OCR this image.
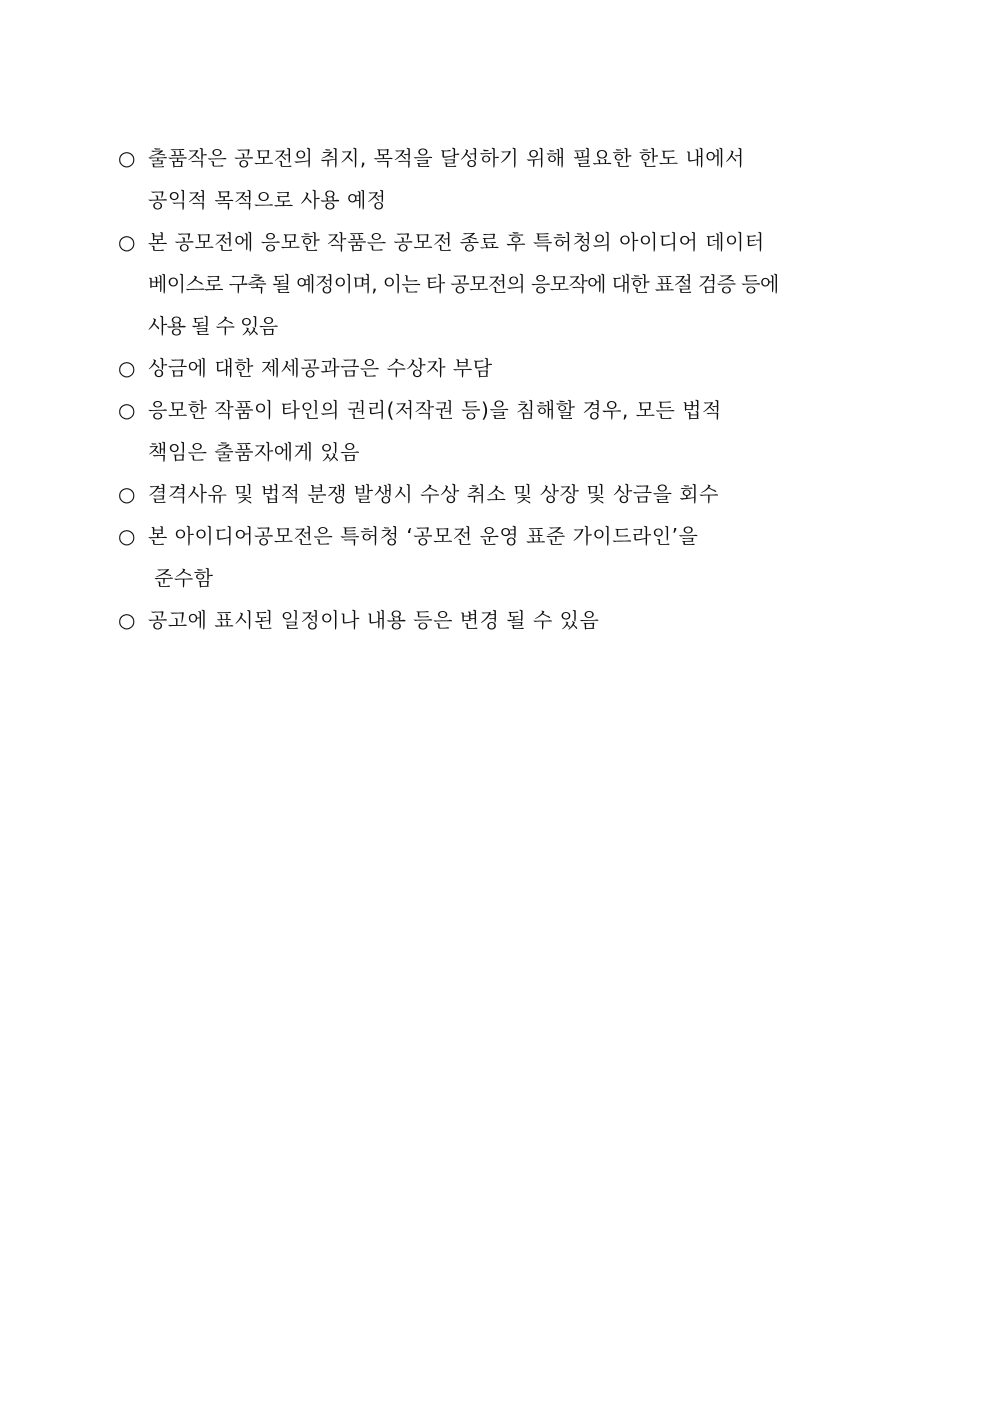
○ 출품작은 공모전의 취지, 목적을 달성하기 위해 필요한 한도 내에서
공익적 목적으로 사용 예정
○ 본 공모전에 응모한 작품은 공모전 종료 후 특허청의 아이디어 데이터
베이스로 구축 될 예정이며, 이는 타 공모전의 응모작에 대한 표절 검증 등에
사용 될 수 있음
○ 상금에 대한 제세공과금은 수상자 부담
○ 응모한 작품이 타인의 권리(저작권 등)을 침해할 경우, 모든 법적
책임은 출품자에게 있음
○ 결격사유 및 법적 분쟁 발생시 수상 취소 및 상장 및 상금을 회수
○ 본 아이디어공모전은 특허청 ‘공모전 운영 표준 가이드라인’을
준수함
○ 공고에 표시된 일정이나 내용 등은 변경 될 수 있음
